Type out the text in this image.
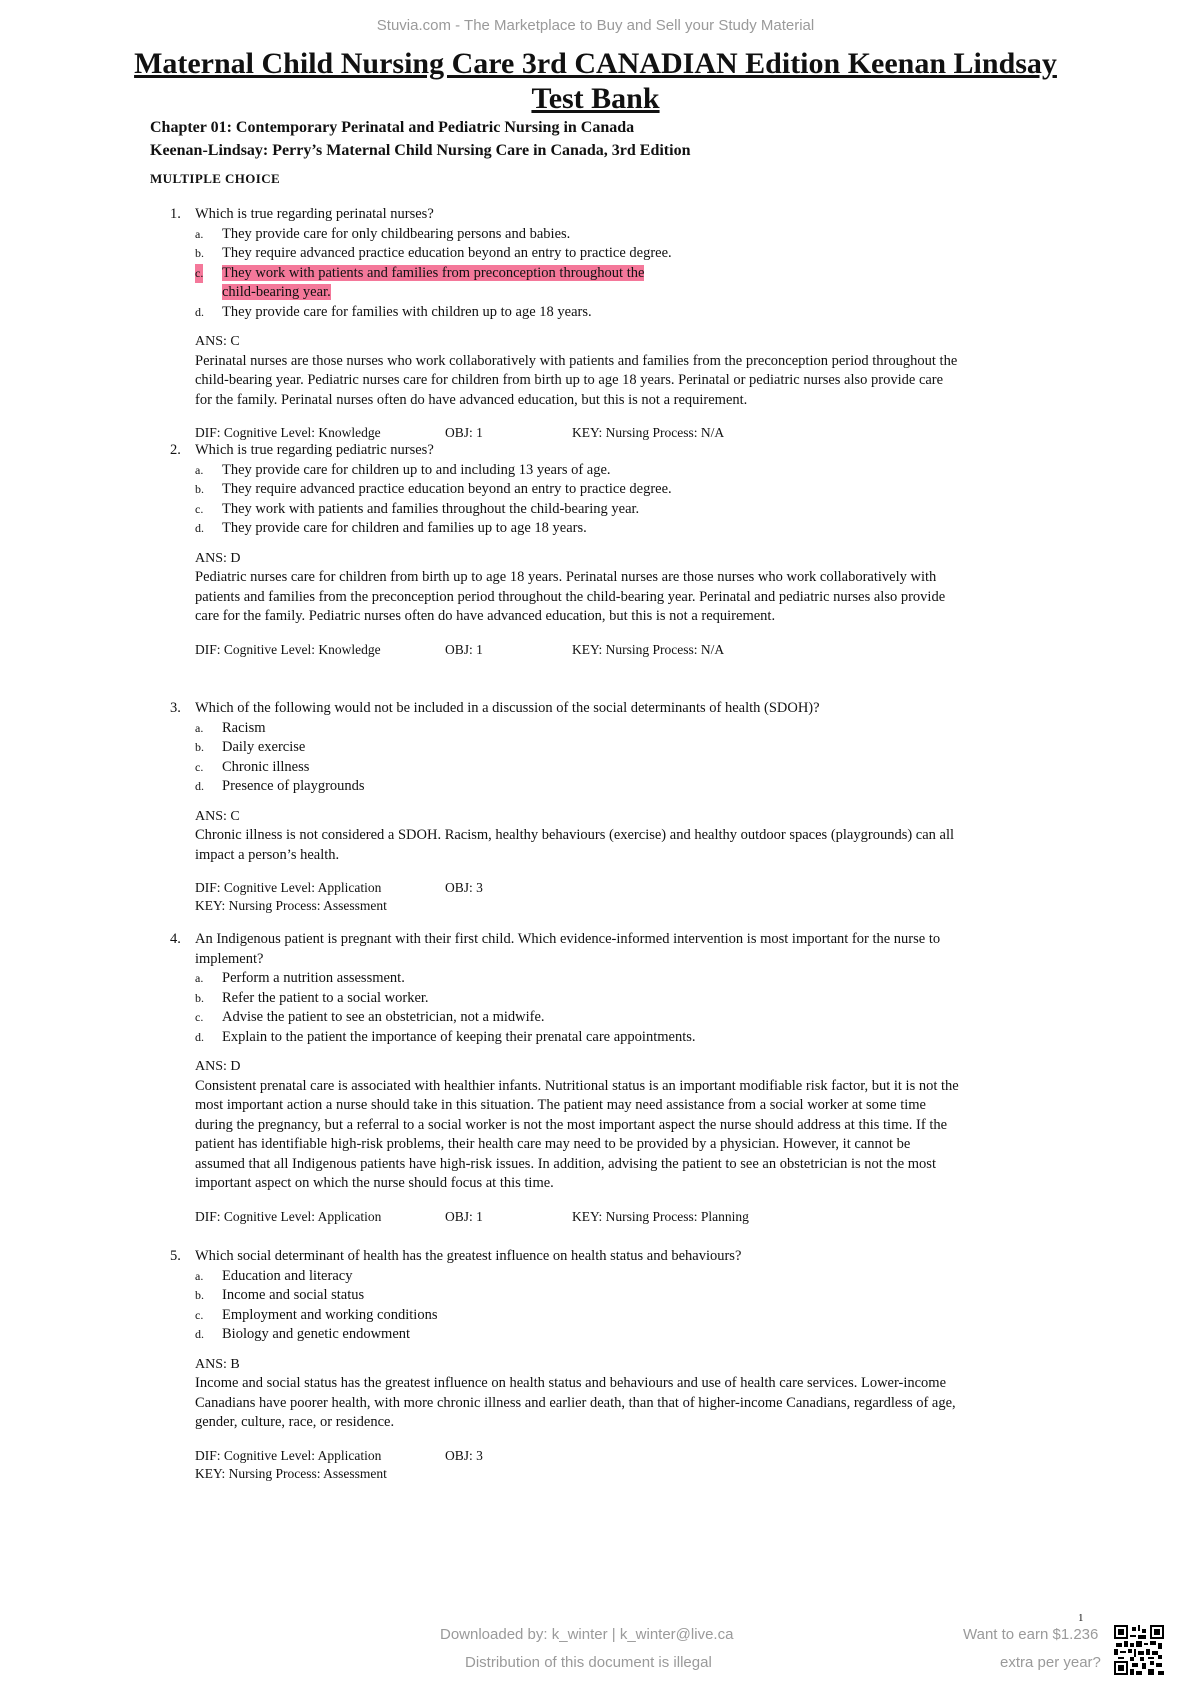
Stuvia.com - The Marketplace to Buy and Sell your Study Material
Maternal Child Nursing Care 3rd CANADIAN Edition Keenan Lindsay
Test Bank
Chapter 01: Contemporary Perinatal and Pediatric Nursing in Canada
Keenan-Lindsay: Perry’s Maternal Child Nursing Care in Canada, 3rd Edition
MULTIPLE CHOICE
1. Which is true regarding perinatal nurses?
a. They provide care for only childbearing persons and babies.
b. They require advanced practice education beyond an entry to practice degree.
c. They work with patients and families from preconception throughout the
child-bearing year.
d. They provide care for families with children up to age 18 years.
ANS: C
Perinatal nurses are those nurses who work collaboratively with patients and families from the preconception period throughout the
child-bearing year. Pediatric nurses care for children from birth up to age 18 years. Perinatal or pediatric nurses also provide care
for the family. Perinatal nurses often do have advanced education, but this is not a requirement.
DIF: Cognitive Level: Knowledge	OBJ: 1	KEY: Nursing Process: N/A
2. Which is true regarding pediatric nurses?
a. They provide care for children up to and including 13 years of age.
b. They require advanced practice education beyond an entry to practice degree.
c. They work with patients and families throughout the child-bearing year.
d. They provide care for children and families up to age 18 years.
ANS: D
Pediatric nurses care for children from birth up to age 18 years. Perinatal nurses are those nurses who work collaboratively with
patients and families from the preconception period throughout the child-bearing year. Perinatal and pediatric nurses also provide
care for the family. Pediatric nurses often do have advanced education, but this is not a requirement.
DIF: Cognitive Level: Knowledge	OBJ: 1	KEY: Nursing Process: N/A
3. Which of the following would not be included in a discussion of the social determinants of health (SDOH)?
a. Racism
b. Daily exercise
c. Chronic illness
d. Presence of playgrounds
ANS: C
Chronic illness is not considered a SDOH. Racism, healthy behaviours (exercise) and healthy outdoor spaces (playgrounds) can all
impact a person’s health.
DIF: Cognitive Level: Application	OBJ: 3
KEY: Nursing Process: Assessment
4. An Indigenous patient is pregnant with their first child. Which evidence-informed intervention is most important for the nurse to
implement?
a. Perform a nutrition assessment.
b. Refer the patient to a social worker.
c. Advise the patient to see an obstetrician, not a midwife.
d. Explain to the patient the importance of keeping their prenatal care appointments.
ANS: D
Consistent prenatal care is associated with healthier infants. Nutritional status is an important modifiable risk factor, but it is not the
most important action a nurse should take in this situation. The patient may need assistance from a social worker at some time
during the pregnancy, but a referral to a social worker is not the most important aspect the nurse should address at this time. If the
patient has identifiable high-risk problems, their health care may need to be provided by a physician. However, it cannot be
assumed that all Indigenous patients have high-risk issues. In addition, advising the patient to see an obstetrician is not the most
important aspect on which the nurse should focus at this time.
DIF: Cognitive Level: Application	OBJ: 1	KEY: Nursing Process: Planning
5. Which social determinant of health has the greatest influence on health status and behaviours?
a. Education and literacy
b. Income and social status
c. Employment and working conditions
d. Biology and genetic endowment
ANS: B
Income and social status has the greatest influence on health status and behaviours and use of health care services. Lower-income
Canadians have poorer health, with more chronic illness and earlier death, than that of higher-income Canadians, regardless of age,
gender, culture, race, or residence.
DIF: Cognitive Level: Application	OBJ: 3
KEY: Nursing Process: Assessment
1
Downloaded by: k_winter | k_winter@live.ca
Distribution of this document is illegal
Want to earn $1.236
extra per year?
